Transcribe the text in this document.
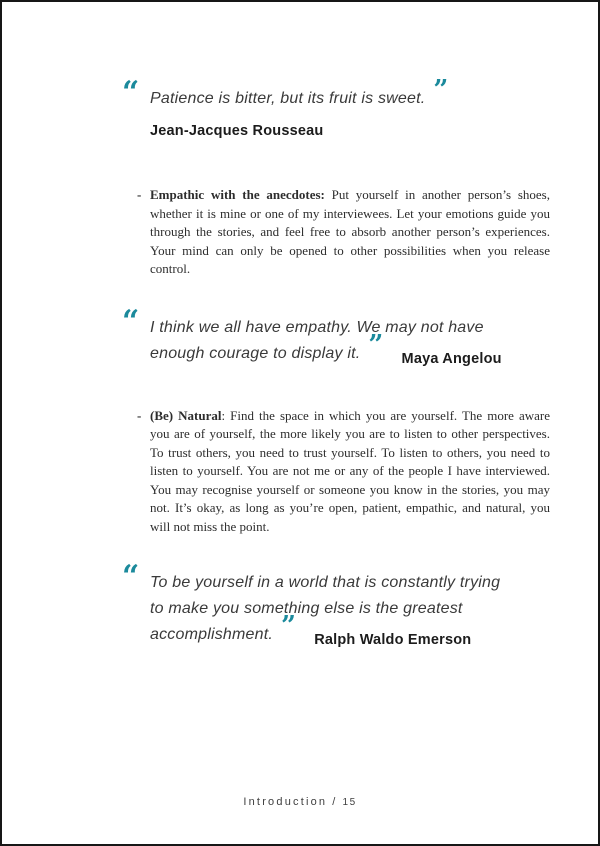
“ Patience is bitter, but its fruit is sweet. ”
Jean-Jacques Rousseau
- Empathic with the anecdotes: Put yourself in another person’s shoes, whether it is mine or one of my interviewees. Let your emotions guide you through the stories, and feel free to absorb another person’s experiences. Your mind can only be opened to other possibilities when you release control.

“ I think we all have empathy. We may not have
enough courage to display it. ” Maya Angelou
- (Be) Natural: Find the space in which you are yourself. The more aware you are of yourself, the more likely you are to listen to other perspectives. To trust others, you need to trust yourself. To listen to others, you need to listen to yourself. You are not me or any of the people I have interviewed. You may recognise yourself or someone you know in the stories, you may not. It’s okay, as long as you’re open, patient, empathic, and natural, you will not miss the point.

“ To be yourself in a world that is constantly trying
to make you something else is the greatest
accomplishment. ” Ralph Waldo Emerson
Introduction / 15
